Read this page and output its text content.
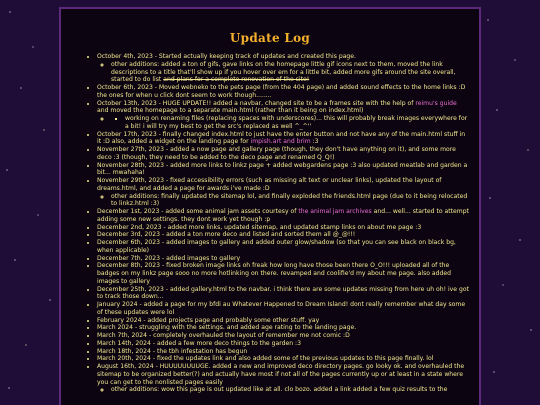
Update Log
• October 4th, 2023 - Started actually keeping track of updates and created this page.
◦ other additions: added a ton of gifs, gave links on the homepage little gif icons next to them, moved the link descriptions to a title that'll show up if you hover over em for a little bit, added more gifs around the site overall, started to do list and plans for a complete renovation of the site!
• October 6th, 2023 - Moved webneko to the pets page (from the 404 page) and added sound effects to the home links :D the ones for when u click dont seem to work though........
• October 13th, 2023 - HUGE UPDATE!! added a navbar, changed site to be a frames site with the help of reimu's guide and moved the homepage to a separate main.html (rather than it being on index.html)
▪ ◦ working on renaming files (replacing spaces with underscores)... this will probably break images everywhere for a bit! i will try my best to get the src's replaced as well ^_^''
• October 17th, 2023 - finally changed index.html to just have the enter button and not have any of the main.html stuff in it :D also, added a widget on the landing page for impish.art and brim :3
• November 27th, 2023 - added a now page and gallery page (though, they don't have anything on it), and some more deco :3 (though, they need to be added to the deco page and renamed Q_Q!)
• November 28th, 2023 - added more links to linkz page + added webgardens page :3 also updated meatlab and garden a bit... mwahaha!
• November 29th, 2023 - fixed accessibility errors (such as missing alt text or unclear links), updated the layout of dreams.html, and added a page for awards i've made :D
◦ other additions: finally updated the sitemap lol, and finally exploded the friends.html page (due to it being relocated to linkz.html :3)
• December 1st, 2023 - added some animal jam assets courtesy of the animal jam archives and... well... started to attempt adding some new settings. they dont work yet though :p
• December 2nd, 2023 - added more links, updated sitemap, and updated stamp links on about me page :3
• December 3rd, 2023 - added a ton more deco and listed and sorted them all @_@!!!
• December 6th, 2023 - added images to gallery and added outer glow/shadow (so that you can see black on black bg, when applicable)
• December 7th, 2023 - added images to gallery
• December 8th, 2023 - fixed broken image links oh freak how long have those been there O_O!!! uploaded all of the badges on my linkz page sooo no more hotlinking on there. revamped and coolifie'd my about me page. also added images to gallery
• December 25th, 2023 - added gallery.html to the navbar. i think there are some updates missing from here uh oh! ive got to track those down...
• January 2024 - added a page for my bfdi au Whatever Happened to Dream Island! dont really remember what day some of these updates were lol
• February 2024 - added projects page and probably some other stuff. yay
• March 2024 - struggling with the settings. and added age rating to the landing page.
• March 7th, 2024 - completely overhauled the layout of remember me not comic :D
• March 14th, 2024 - added a few more deco things to the garden :3
• March 18th, 2024 - the tbh infestation has begun
• March 20th, 2024 - fixed the updates link and also added some of the previous updates to this page finally. lol
• August 16th, 2024 - HUUUUUUUUGE. added a new and improved deco directory pages. go looky ok. and overhauled the sitemap to be organized better(?) and actually have most if not all of the pages currently up or at least in a state where you can get to the nonlisted pages easily
◦ other additions: wow this page is out updated like at all. clo bozo. added a link added a few quiz results to the
